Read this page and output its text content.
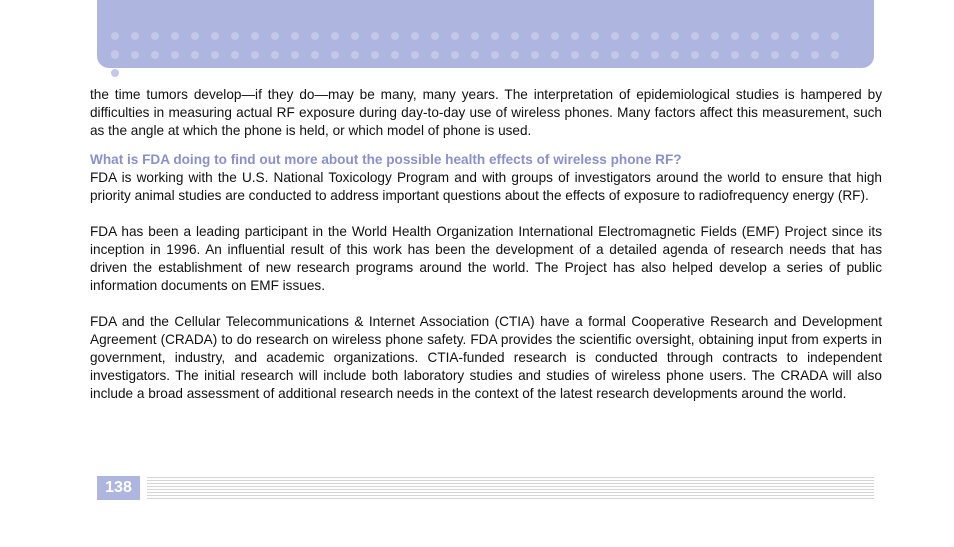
the time tumors develop—if they do—may be many, many years. The interpretation of epidemiological studies is hampered by difficulties in measuring actual RF exposure during day-to-day use of wireless phones. Many factors affect this measurement, such as the angle at which the phone is held, or which model of phone is used.

What is FDA doing to find out more about the possible health effects of wireless phone RF?

FDA is working with the U.S. National Toxicology Program and with groups of investigators around the world to ensure that high priority animal studies are conducted to address important questions about the effects of exposure to radiofrequency energy (RF).

FDA has been a leading participant in the World Health Organization International Electromagnetic Fields (EMF) Project since its inception in 1996. An influential result of this work has been the development of a detailed agenda of research needs that has driven the establishment of new research programs around the world. The Project has also helped develop a series of public information documents on EMF issues.

FDA and the Cellular Telecommunications & Internet Association (CTIA) have a formal Cooperative Research and Development Agreement (CRADA) to do research on wireless phone safety. FDA provides the scientific oversight, obtaining input from experts in government, industry, and academic organizations. CTIA-funded research is conducted through contracts to independent investigators. The initial research will include both laboratory studies and studies of wireless phone users. The CRADA will also include a broad assessment of additional research needs in the context of the latest research developments around the world.

138
